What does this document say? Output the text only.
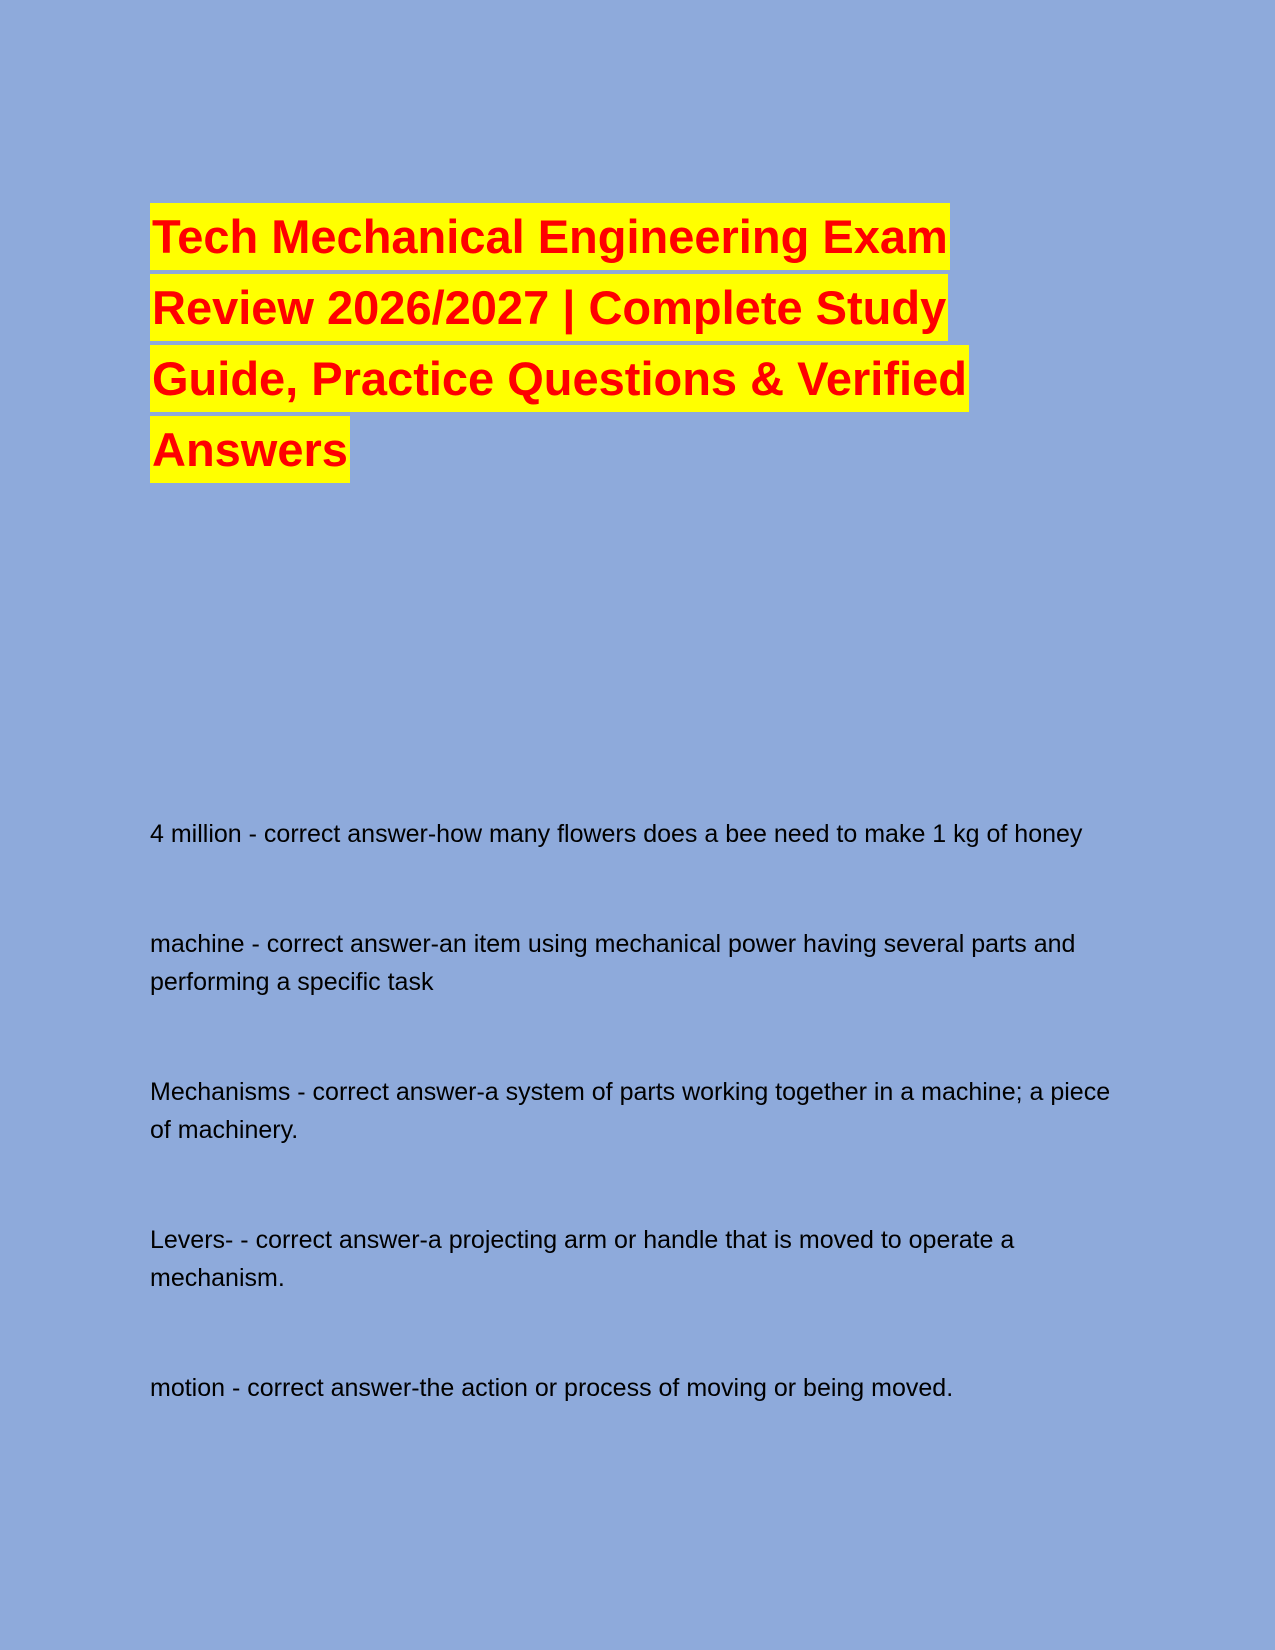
Tech Mechanical Engineering Exam
Review 2026/2027 | Complete Study
Guide, Practice Questions & Verified
Answers

4 million - correct answer-how many flowers does a bee need to make 1 kg of honey

machine - correct answer-an item using mechanical power having several parts and performing a specific task

Mechanisms - correct answer-a system of parts working together in a machine; a piece of machinery.

Levers- - correct answer-a projecting arm or handle that is moved to operate a mechanism.

motion - correct answer-the action or process of moving or being moved.
